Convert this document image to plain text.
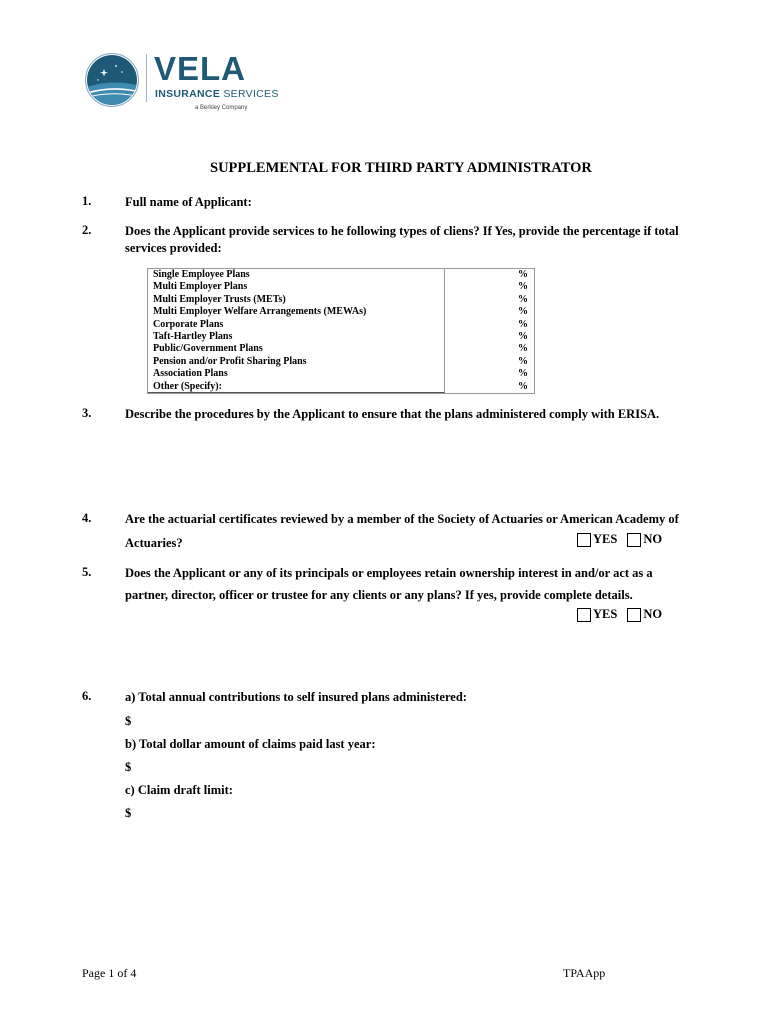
VELA
INSURANCE SERVICES
a Berkley Company
SUPPLEMENTAL FOR THIRD PARTY ADMINISTRATOR
1.	Full name of Applicant:
2.	Does the Applicant provide services to he following types of cliens? If Yes, provide the percentage if total services provided:
Single Employee Plans	%
Multi Employer Plans	%
Multi Employer Trusts (METs)	%
Multi Employer Welfare Arrangements (MEWAs)	%
Corporate Plans	%
Taft-Hartley Plans	%
Public/Government Plans	%
Pension and/or Profit Sharing Plans	%
Association Plans	%
Other (Specify):	%
3.	Describe the procedures by the Applicant to ensure that the plans administered comply with ERISA.
4.	Are the actuarial certificates reviewed by a member of the Society of Actuaries or American Academy of
Actuaries?	YES NO
5.	Does the Applicant or any of its principals or employees retain ownership interest in and/or act as a
partner, director, officer or trustee for any clients or any plans? If yes, provide complete details.
YES NO
6.	a) Total annual contributions to self insured plans administered:
$
b) Total dollar amount of claims paid last year:
$
c) Claim draft limit:
$
Page 1 of 4	TPAApp
